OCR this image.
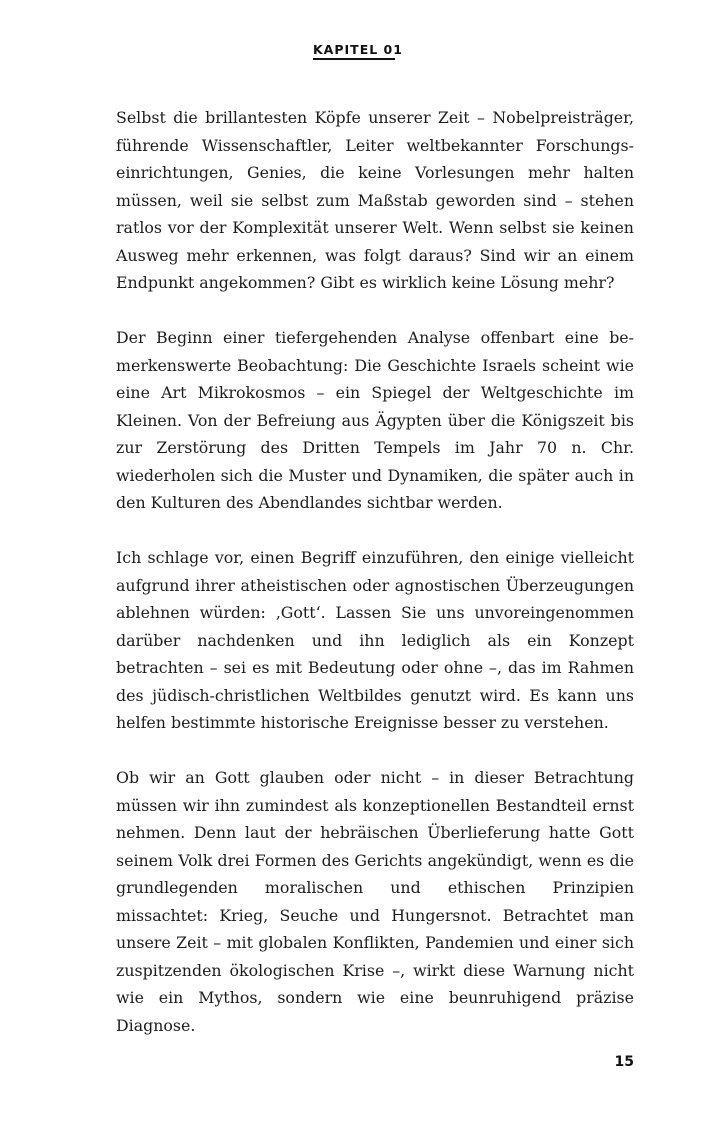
KAPITEL 01

Selbst die brillantesten Köpfe unserer Zeit – Nobelpreisträger, führende Wissenschaftler, Leiter weltbekannter Forschungseinrichtungen, Genies, die keine Vorlesungen mehr halten müssen, weil sie selbst zum Maßstab geworden sind – stehen ratlos vor der Komplexität unserer Welt. Wenn selbst sie keinen Ausweg mehr erkennen, was folgt daraus? Sind wir an einem Endpunkt angekommen? Gibt es wirklich keine Lösung mehr?

Der Beginn einer tiefergehenden Analyse offenbart eine bemerkenswerte Beobachtung: Die Geschichte Israels scheint wie eine Art Mikrokosmos – ein Spiegel der Weltgeschichte im Kleinen. Von der Befreiung aus Ägypten über die Königszeit bis zur Zerstörung des Dritten Tempels im Jahr 70 n. Chr. wiederholen sich die Muster und Dynamiken, die später auch in den Kulturen des Abendlandes sichtbar werden.

Ich schlage vor, einen Begriff einzuführen, den einige vielleicht aufgrund ihrer atheistischen oder agnostischen Überzeugungen ablehnen würden: ‚Gott‘. Lassen Sie uns unvoreingenommen darüber nachdenken und ihn lediglich als ein Konzept betrachten – sei es mit Bedeutung oder ohne –, das im Rahmen des jüdisch-christlichen Weltbildes genutzt wird. Es kann uns helfen bestimmte historische Ereignisse besser zu verstehen.

Ob wir an Gott glauben oder nicht – in dieser Betrachtung müssen wir ihn zumindest als konzeptionellen Bestandteil ernst nehmen. Denn laut der hebräischen Überlieferung hatte Gott seinem Volk drei Formen des Gerichts angekündigt, wenn es die grundlegenden moralischen und ethischen Prinzipien missachtet: Krieg, Seuche und Hungersnot. Betrachtet man unsere Zeit – mit globalen Konflikten, Pandemien und einer sich zuspitzenden ökologischen Krise –, wirkt diese Warnung nicht wie ein Mythos, sondern wie eine beunruhigend präzise Diagnose.

15
